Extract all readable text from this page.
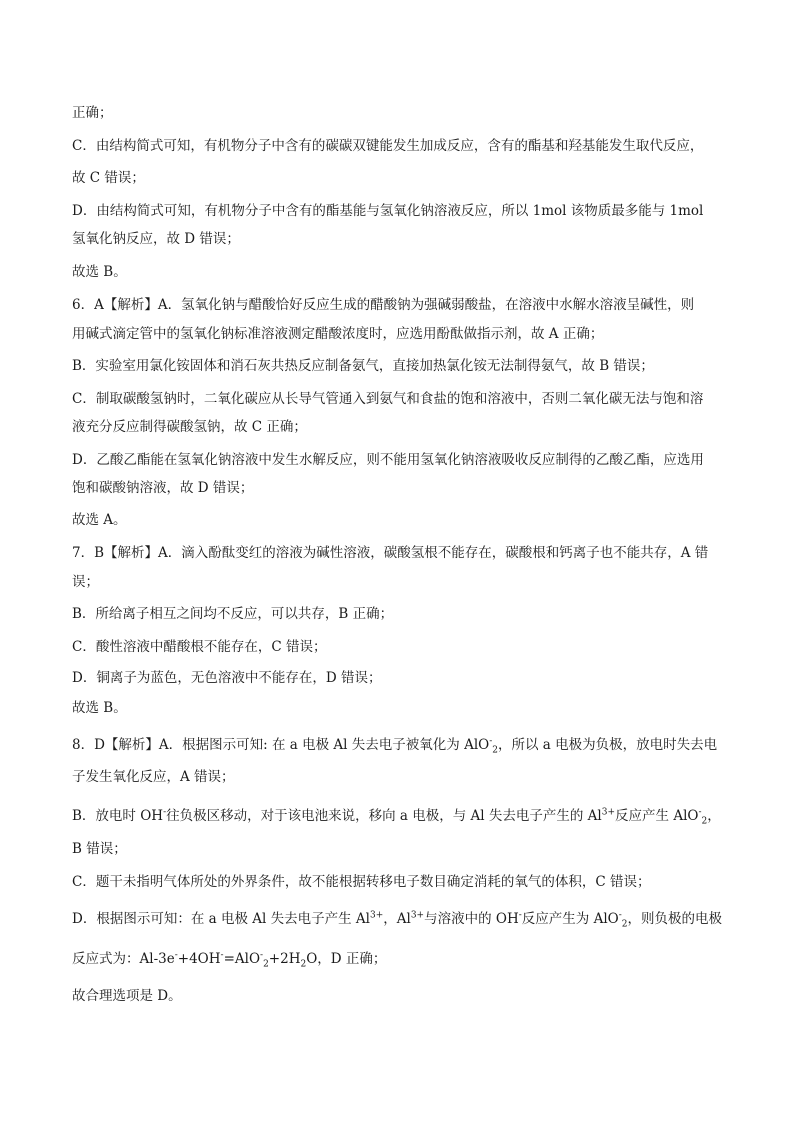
正确；
C．由结构简式可知，有机物分子中含有的碳碳双键能发生加成反应，含有的酯基和羟基能发生取代反应，
故 C 错误；
D．由结构简式可知，有机物分子中含有的酯基能与氢氧化钠溶液反应，所以 1mol 该物质最多能与 1mol
氢氧化钠反应，故 D 错误；
故选 B。
6．A【解析】A．氢氧化钠与醋酸恰好反应生成的醋酸钠为强碱弱酸盐，在溶液中水解水溶液呈碱性，则
用碱式滴定管中的氢氧化钠标准溶液测定醋酸浓度时，应选用酚酞做指示剂，故 A 正确；
B．实验室用氯化铵固体和消石灰共热反应制备氨气，直接加热氯化铵无法制得氨气，故 B 错误；
C．制取碳酸氢钠时，二氧化碳应从长导气管通入到氨气和食盐的饱和溶液中，否则二氧化碳无法与饱和溶
液充分反应制得碳酸氢钠，故 C 正确；
D．乙酸乙酯能在氢氧化钠溶液中发生水解反应，则不能用氢氧化钠溶液吸收反应制得的乙酸乙酯，应选用
饱和碳酸钠溶液，故 D 错误；
故选 A。
7．B【解析】A．滴入酚酞变红的溶液为碱性溶液，碳酸氢根不能存在，碳酸根和钙离子也不能共存，A 错
误；
B．所给离子相互之间均不反应，可以共存，B 正确；
C．酸性溶液中醋酸根不能存在，C 错误；
D．铜离子为蓝色，无色溶液中不能存在，D 错误；
故选 B。
8．D【解析】A．根据图示可知: 在 a 电极 Al 失去电子被氧化为 AlO-$_2$，所以 a 电极为负极，放电时失去电
子发生氧化反应，A 错误；
B．放电时 OH-往负极区移动，对于该电池来说，移向 a 电极，与 Al 失去电子产生的 $Al^{3+}$反应产生 AlO-$_2$，
B 错误；
C．题干未指明气体所处的外界条件，故不能根据转移电子数目确定消耗的氧气的体积，C 错误；
D．根据图示可知：在 a 电极 Al 失去电子产生 $Al^{3+}$，$Al^{3+}$与溶液中的 OH-反应产生为 AlO-$_2$，则负极的电极
反应式为：$Al-3e^-+4OH^-=AlO^-_2+2H_2O$，D 正确；
故合理选项是 D。
